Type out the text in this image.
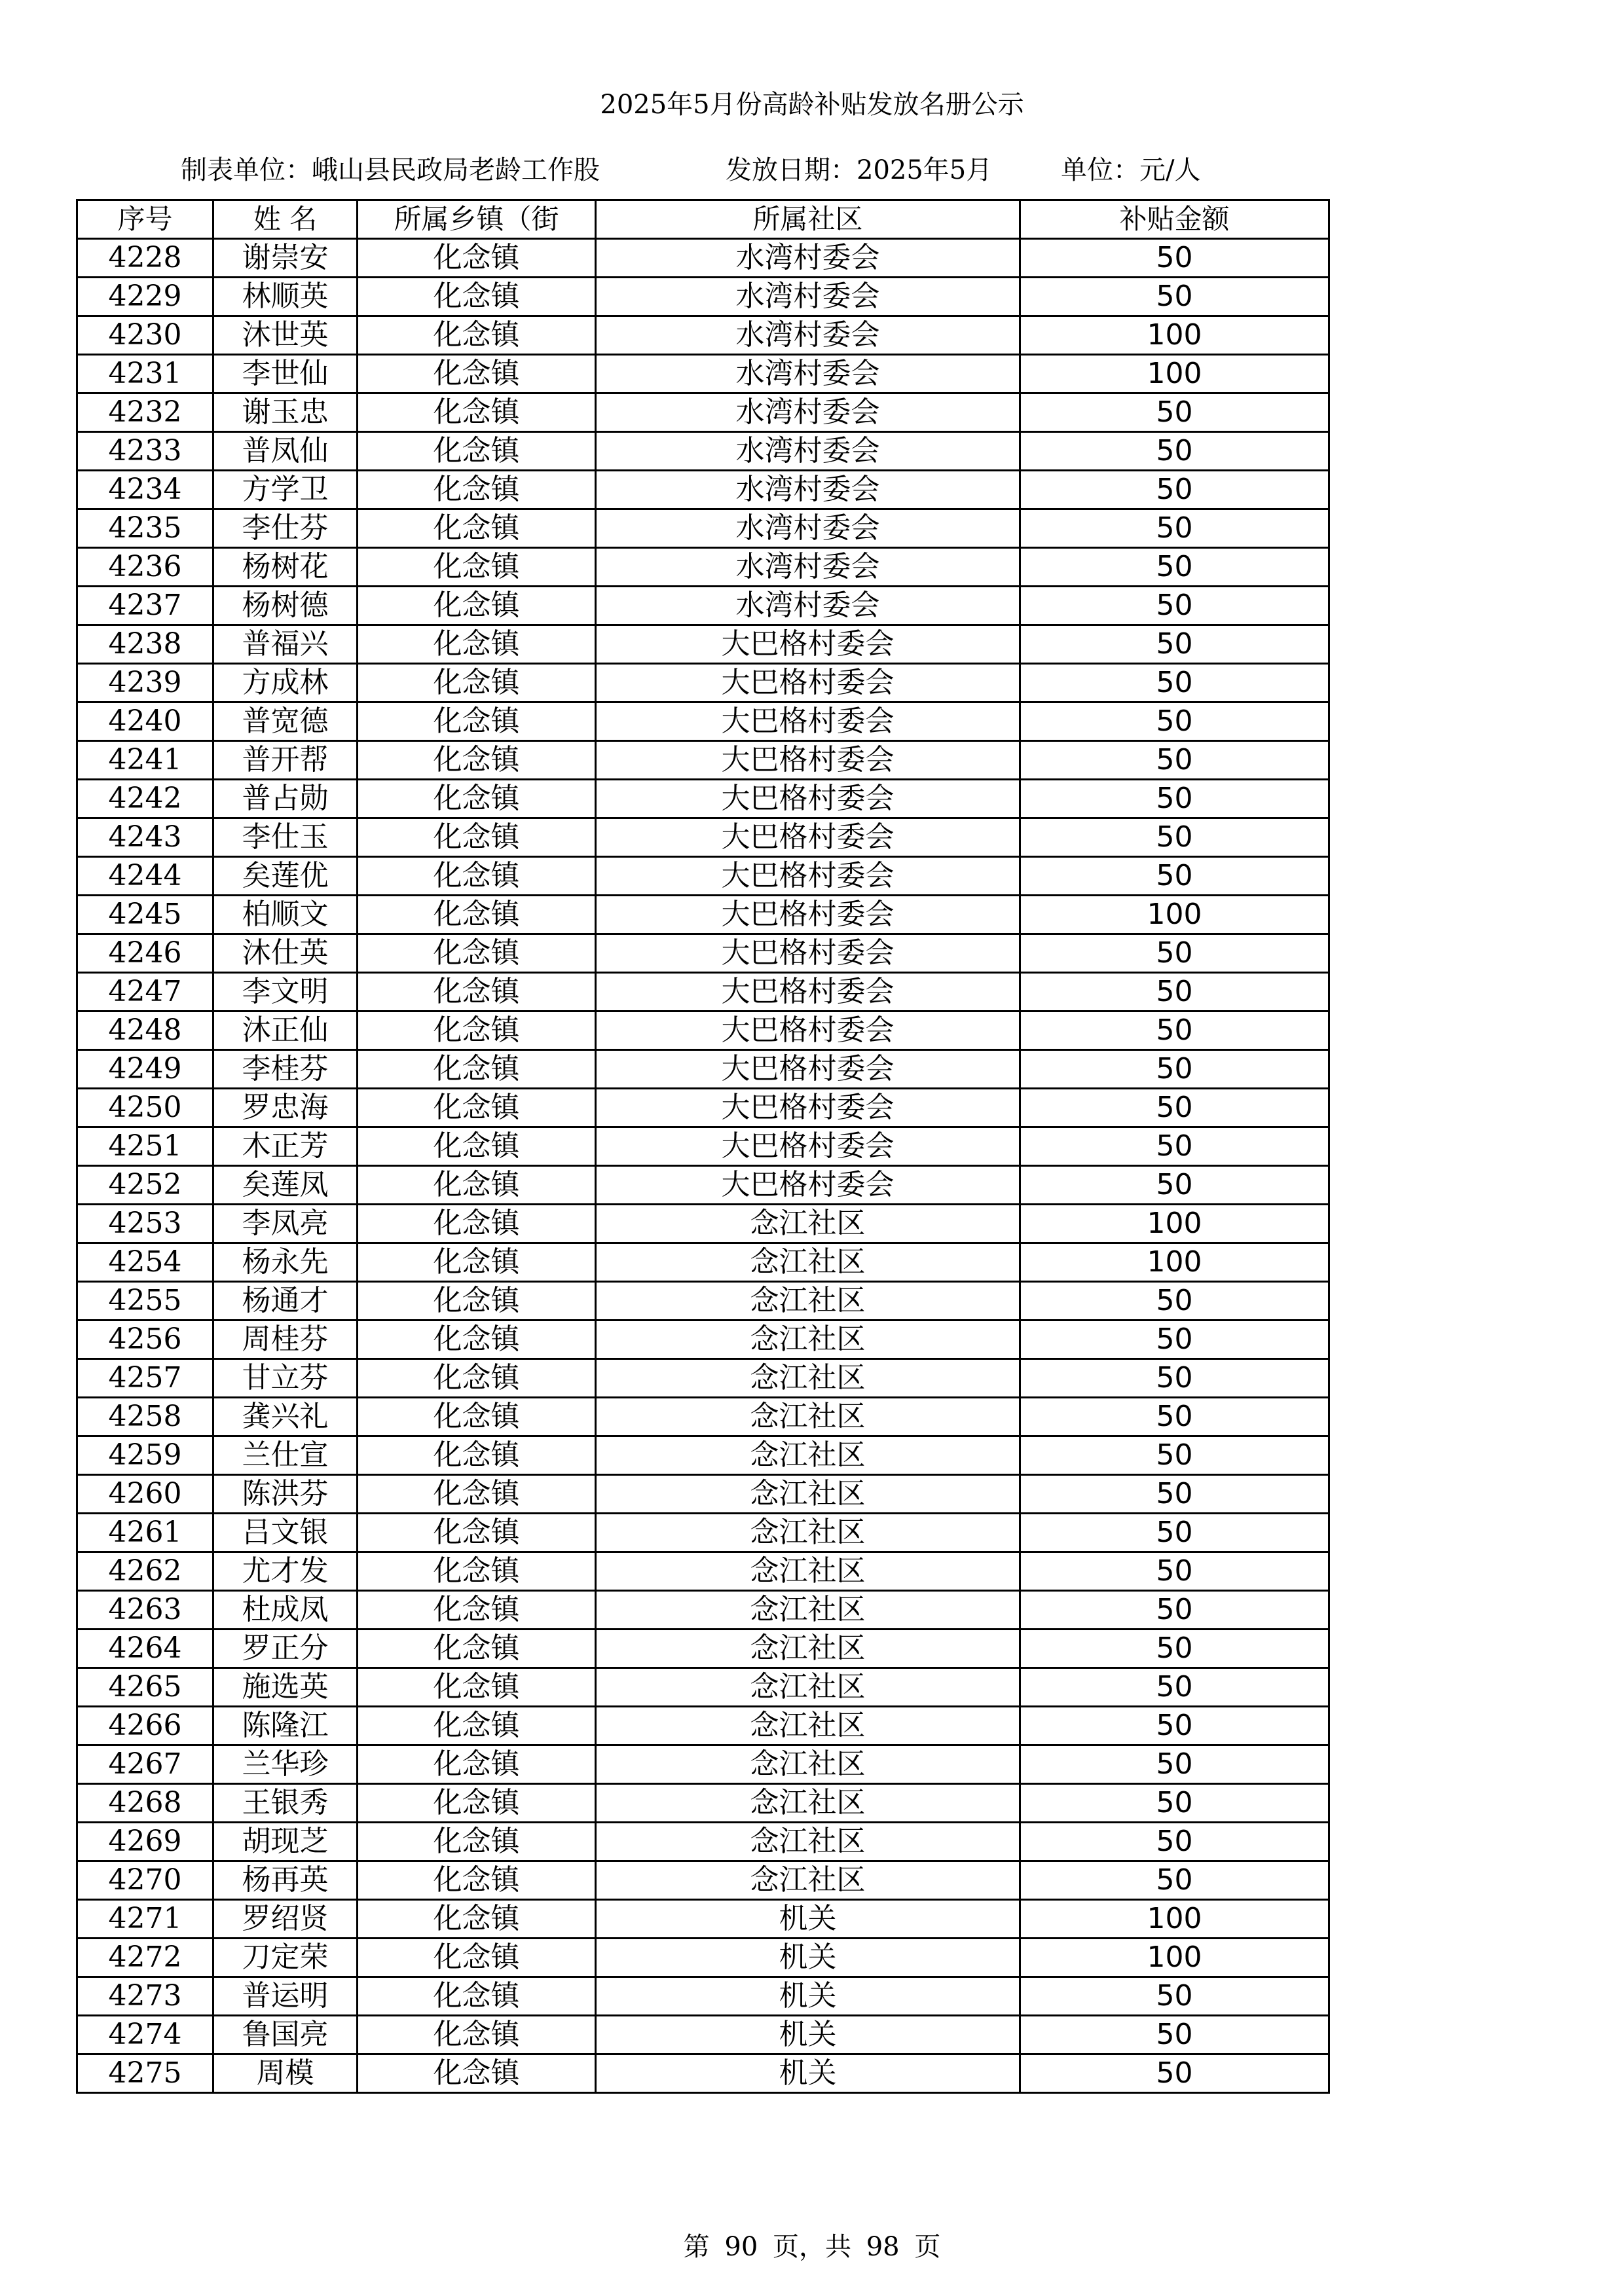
2025年5月份高龄补贴发放名册公示
制表单位：峨山县民政局老龄工作股	发放日期：2025年5月	单位：元/人
序号	姓 名	所属乡镇（街	所属社区	补贴金额
4228	谢崇安	化念镇	水湾村委会	50
4229	林顺英	化念镇	水湾村委会	50
4230	沐世英	化念镇	水湾村委会	100
4231	李世仙	化念镇	水湾村委会	100
4232	谢玉忠	化念镇	水湾村委会	50
4233	普凤仙	化念镇	水湾村委会	50
4234	方学卫	化念镇	水湾村委会	50
4235	李仕芬	化念镇	水湾村委会	50
4236	杨树花	化念镇	水湾村委会	50
4237	杨树德	化念镇	水湾村委会	50
4238	普福兴	化念镇	大巴格村委会	50
4239	方成林	化念镇	大巴格村委会	50
4240	普宽德	化念镇	大巴格村委会	50
4241	普开帮	化念镇	大巴格村委会	50
4242	普占勋	化念镇	大巴格村委会	50
4243	李仕玉	化念镇	大巴格村委会	50
4244	矣莲优	化念镇	大巴格村委会	50
4245	柏顺文	化念镇	大巴格村委会	100
4246	沐仕英	化念镇	大巴格村委会	50
4247	李文明	化念镇	大巴格村委会	50
4248	沐正仙	化念镇	大巴格村委会	50
4249	李桂芬	化念镇	大巴格村委会	50
4250	罗忠海	化念镇	大巴格村委会	50
4251	木正芳	化念镇	大巴格村委会	50
4252	矣莲凤	化念镇	大巴格村委会	50
4253	李凤亮	化念镇	念江社区	100
4254	杨永先	化念镇	念江社区	100
4255	杨通才	化念镇	念江社区	50
4256	周桂芬	化念镇	念江社区	50
4257	甘立芬	化念镇	念江社区	50
4258	龚兴礼	化念镇	念江社区	50
4259	兰仕宣	化念镇	念江社区	50
4260	陈洪芬	化念镇	念江社区	50
4261	吕文银	化念镇	念江社区	50
4262	尤才发	化念镇	念江社区	50
4263	杜成凤	化念镇	念江社区	50
4264	罗正分	化念镇	念江社区	50
4265	施选英	化念镇	念江社区	50
4266	陈隆江	化念镇	念江社区	50
4267	兰华珍	化念镇	念江社区	50
4268	王银秀	化念镇	念江社区	50
4269	胡现芝	化念镇	念江社区	50
4270	杨再英	化念镇	念江社区	50
4271	罗绍贤	化念镇	机关	100
4272	刀定荣	化念镇	机关	100
4273	普运明	化念镇	机关	50
4274	鲁国亮	化念镇	机关	50
4275	周模	化念镇	机关	50
第 90 页，共 98 页
